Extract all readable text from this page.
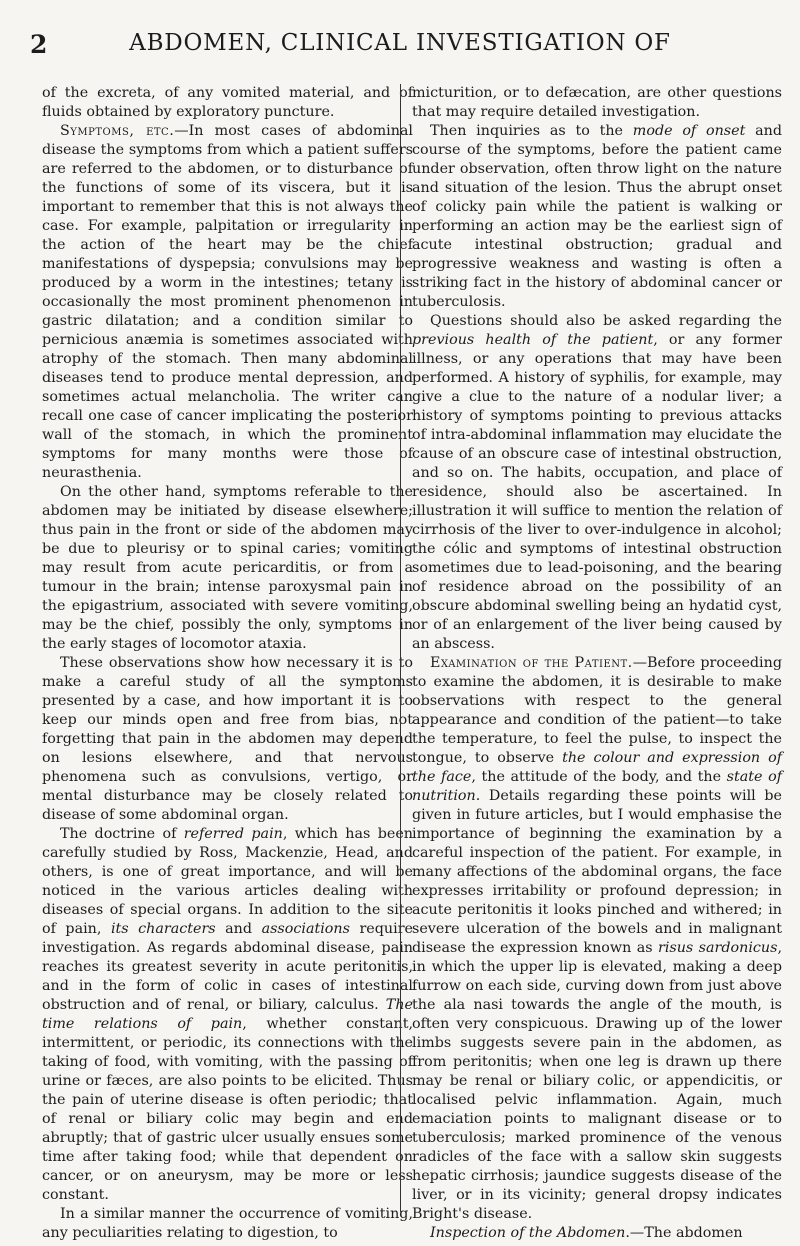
2	ABDOMEN, CLINICAL INVESTIGATION OF

of the excreta, of any vomited material, and of fluids obtained by exploratory puncture.

Symptoms, etc.—In most cases of abdominal disease the symptoms from which a patient suffers are referred to the abdomen, or to disturbance of the functions of some of its viscera, but it is important to remember that this is not always the case. For example, palpitation or irregularity in the action of the heart may be the chief manifestations of dyspepsia; convulsions may be produced by a worm in the intestines; tetany is occasionally the most prominent phenomenon in gastric dilatation; and a condition similar to pernicious anæmia is sometimes associated with atrophy of the stomach. Then many abdominal diseases tend to produce mental depression, and sometimes actual melancholia. The writer can recall one case of cancer implicating the posterior wall of the stomach, in which the prominent symptoms for many months were those of neurasthenia.

On the other hand, symptoms referable to the abdomen may be initiated by disease elsewhere; thus pain in the front or side of the abdomen may be due to pleurisy or to spinal caries; vomiting may result from acute pericarditis, or from a tumour in the brain; intense paroxysmal pain in the epigastrium, associated with severe vomiting, may be the chief, possibly the only, symptoms in the early stages of locomotor ataxia.

These observations show how necessary it is to make a careful study of all the symptoms presented by a case, and how important it is to keep our minds open and free from bias, not forgetting that pain in the abdomen may depend on lesions elsewhere, and that nervous phenomena such as convulsions, vertigo, or mental disturbance may be closely related to disease of some abdominal organ.

The doctrine of referred pain, which has been carefully studied by Ross, Mackenzie, Head, and others, is one of great importance, and will be noticed in the various articles dealing with diseases of special organs. In addition to the site of pain, its characters and associations require investigation. As regards abdominal disease, pain reaches its greatest severity in acute peritonitis, and in the form of colic in cases of intestinal obstruction and of renal, or biliary, calculus. The time relations of pain, whether constant, intermittent, or periodic, its connections with the taking of food, with vomiting, with the passing of urine or fæces, are also points to be elicited. Thus the pain of uterine disease is often periodic; that of renal or biliary colic may begin and end abruptly; that of gastric ulcer usually ensues some time after taking food; while that dependent on cancer, or on aneurysm, may be more or less constant.

In a similar manner the occurrence of vomiting, any peculiarities relating to digestion, to

micturition, or to defæcation, are other questions that may require detailed investigation.

Then inquiries as to the mode of onset and course of the symptoms, before the patient came under observation, often throw light on the nature and situation of the lesion. Thus the abrupt onset of colicky pain while the patient is walking or performing an action may be the earliest sign of acute intestinal obstruction; gradual and progressive weakness and wasting is often a striking fact in the history of abdominal cancer or tuberculosis.

Questions should also be asked regarding the previous health of the patient, or any former illness, or any operations that may have been performed. A history of syphilis, for example, may give a clue to the nature of a nodular liver; a history of symptoms pointing to previous attacks of intra-abdominal inflammation may elucidate the cause of an obscure case of intestinal obstruction, and so on. The habits, occupation, and place of residence, should also be ascertained. In illustration it will suffice to mention the relation of cirrhosis of the liver to over-indulgence in alcohol; the cólic and symptoms of intestinal obstruction sometimes due to lead-poisoning, and the bearing of residence abroad on the possibility of an obscure abdominal swelling being an hydatid cyst, or of an enlargement of the liver being caused by an abscess.

Examination of the Patient.—Before proceeding to examine the abdomen, it is desirable to make observations with respect to the general appearance and condition of the patient—to take the temperature, to feel the pulse, to inspect the tongue, to observe the colour and expression of the face, the attitude of the body, and the state of nutrition. Details regarding these points will be given in future articles, but I would emphasise the importance of beginning the examination by a careful inspection of the patient. For example, in many affections of the abdominal organs, the face expresses irritability or profound depression; in acute peritonitis it looks pinched and withered; in severe ulceration of the bowels and in malignant disease the expression known as risus sardonicus, in which the upper lip is elevated, making a deep furrow on each side, curving down from just above the ala nasi towards the angle of the mouth, is often very conspicuous. Drawing up of the lower limbs suggests severe pain in the abdomen, as from peritonitis; when one leg is drawn up there may be renal or biliary colic, or appendicitis, or localised pelvic inflammation. Again, much emaciation points to malignant disease or to tuberculosis; marked prominence of the venous radicles of the face with a sallow skin suggests hepatic cirrhosis; jaundice suggests disease of the liver, or in its vicinity; general dropsy indicates Bright's disease.

Inspection of the Abdomen.—The abdomen
